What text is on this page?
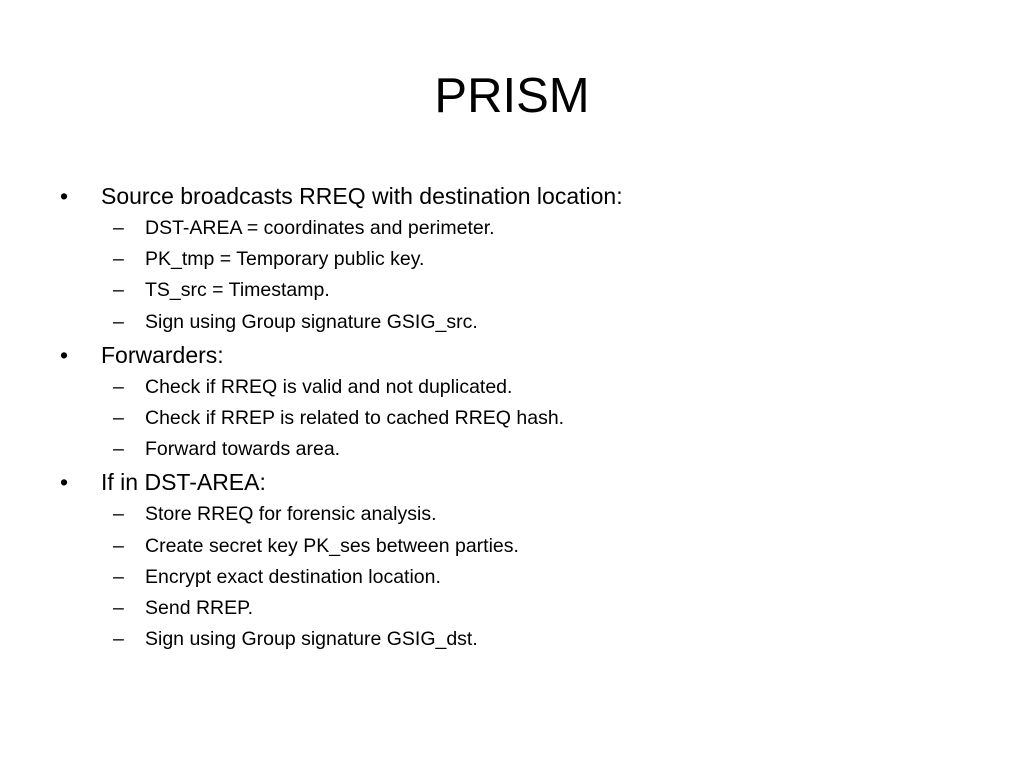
PRISM
•	Source broadcasts RREQ with destination location:
–	DST-AREA = coordinates and perimeter.
–	PK_tmp = Temporary public key.
–	TS_src = Timestamp.
–	Sign using Group signature GSIG_src.
•	Forwarders:
–	Check if RREQ is valid and not duplicated.
–	Check if RREP is related to cached RREQ hash.
–	Forward towards area.
•	If in DST-AREA:
–	Store RREQ for forensic analysis.
–	Create secret key PK_ses between parties.
–	Encrypt exact destination location.
–	Send RREP.
–	Sign using Group signature GSIG_dst.
